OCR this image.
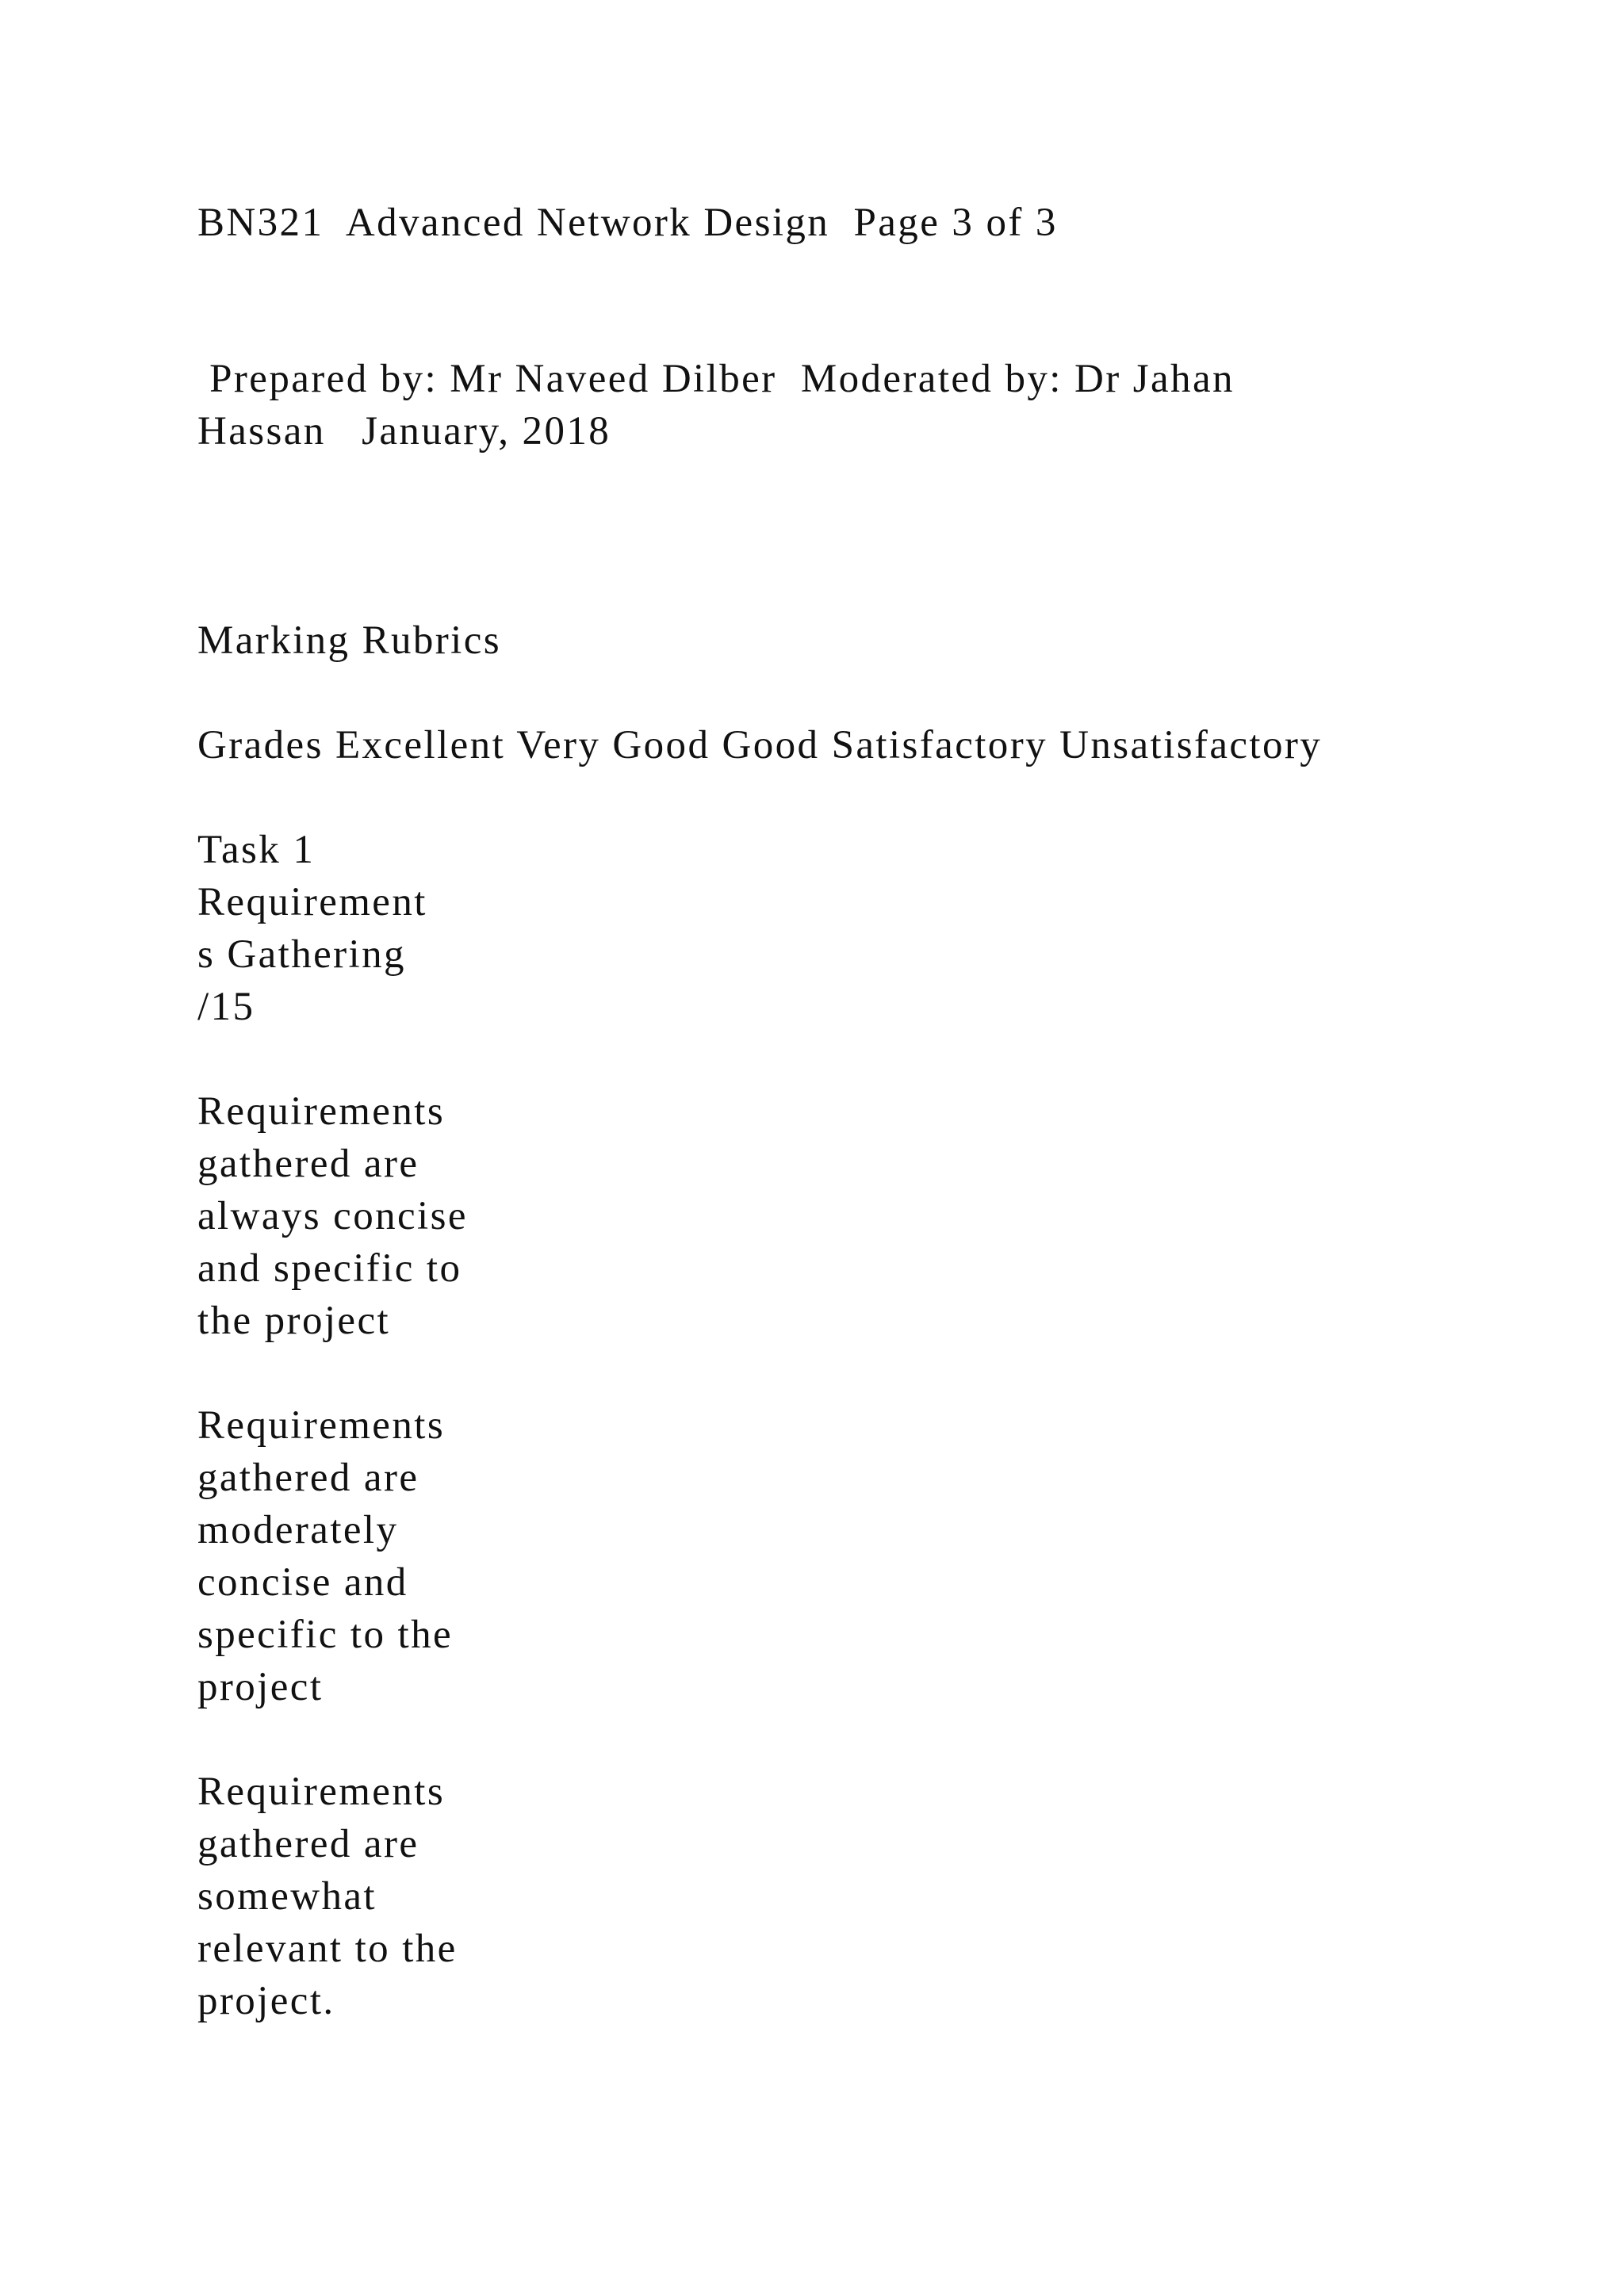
BN321  Advanced Network Design  Page 3 of 3

Prepared by: Mr Naveed Dilber  Moderated by: Dr Jahan

Hassan   January, 2018

Marking Rubrics

Grades Excellent Very Good Good Satisfactory Unsatisfactory

Task 1
Requirement
s Gathering
/15
Requirements
gathered are
always concise
and specific to
the project
Requirements
gathered are
moderately
concise and
specific to the
project
Requirements
gathered are
somewhat
relevant to the
project.
